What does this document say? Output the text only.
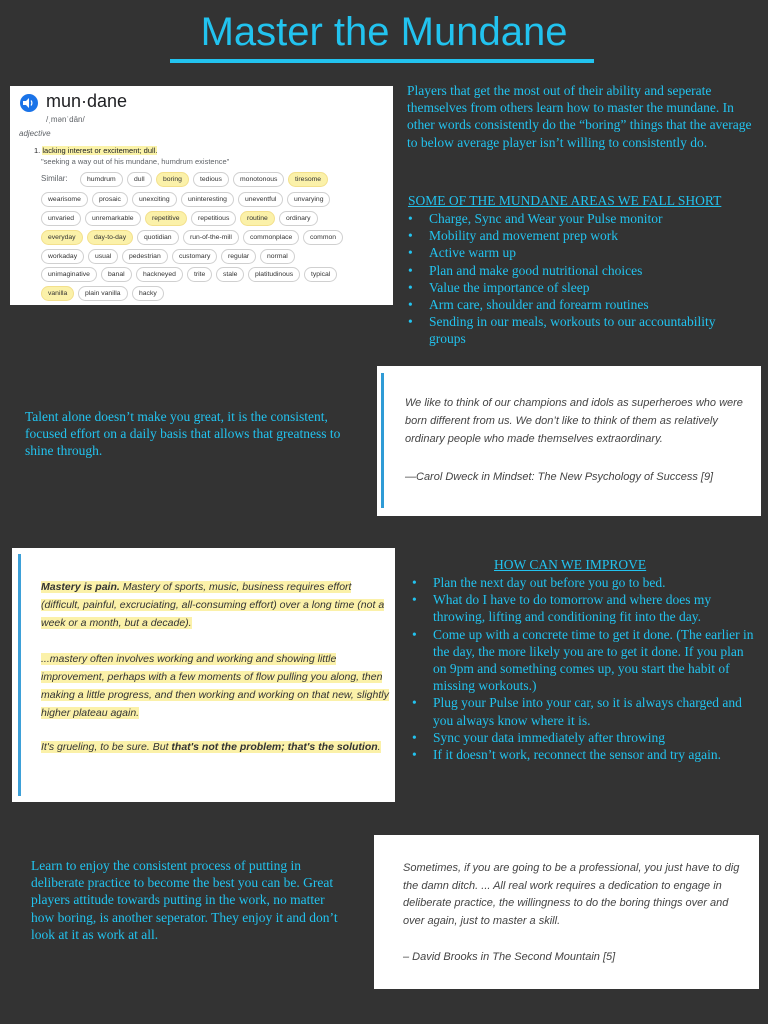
Master the Mundane
mun·dane
/ˌmənˈdān/
adjective
1. lacking interest or excitement; dull.
"seeking a way out of his mundane, humdrum existence"
Similar:	humdrum	dull	boring	tedious	monotonous	tiresome
wearisome	prosaic	unexciting	uninteresting	uneventful	unvarying
unvaried	unremarkable	repetitive	repetitious	routine	ordinary
everyday	day-to-day	quotidian	run-of-the-mill	commonplace	common
workaday	usual	pedestrian	customary	regular	normal
unimaginative	banal	hackneyed	trite	stale	platitudinous	typical
vanilla	plain vanilla	hacky
Players that get the most out of their ability and seperate themselves from others learn how to master the mundane. In other words consistently do the “boring” things that the average to below average player isn’t willing to consistently do.
SOME OF THE MUNDANE AREAS WE FALL SHORT
• Charge, Sync and Wear your Pulse monitor
• Mobility and movement prep work
• Active warm up
• Plan and make good nutritional choices
• Value the importance of sleep
• Arm care, shoulder and forearm routines
• Sending in our meals, workouts to our accountability groups
Talent alone doesn’t make you great, it is the consistent, focused effort on a daily basis that allows that greatness to shine through.
We like to think of our champions and idols as superheroes who were born different from us. We don’t like to think of them as relatively ordinary people who made themselves extraordinary.
—Carol Dweck in Mindset: The New Psychology of Success [9]

Mastery is pain. Mastery of sports, music, business requires effort (difficult, painful, excruciating, all-consuming effort) over a long time (not a week or a month, but a decade).

...mastery often involves working and working and showing little improvement, perhaps with a few moments of flow pulling you along, then making a little progress, and then working and working on that new, slightly higher plateau again.

It's grueling, to be sure. But that's not the problem; that's the solution.

HOW CAN WE IMPROVE
• Plan the next day out before you go to bed.
• What do I have to do tomorrow and where does my throwing, lifting and conditioning fit into the day.
• Come up with a concrete time to get it done. (The earlier in the day, the more likely you are to get it done. If you plan on 9pm and something comes up, you start the habit of missing workouts.)
• Plug your Pulse into your car, so it is always charged and you always know where it is.
• Sync your data immediately after throwing
• If it doesn’t work, reconnect the sensor and try again.
Learn to enjoy the consistent process of putting in deliberate practice to become the best you can be. Great players attitude towards putting in the work, no matter how boring, is another seperator. They enjoy it and don’t look at it as work at all.
Sometimes, if you are going to be a professional, you just have to dig the damn ditch. ... All real work requires a dedication to engage in deliberate practice, the willingness to do the boring things over and over again, just to master a skill.
– David Brooks in The Second Mountain [5]
